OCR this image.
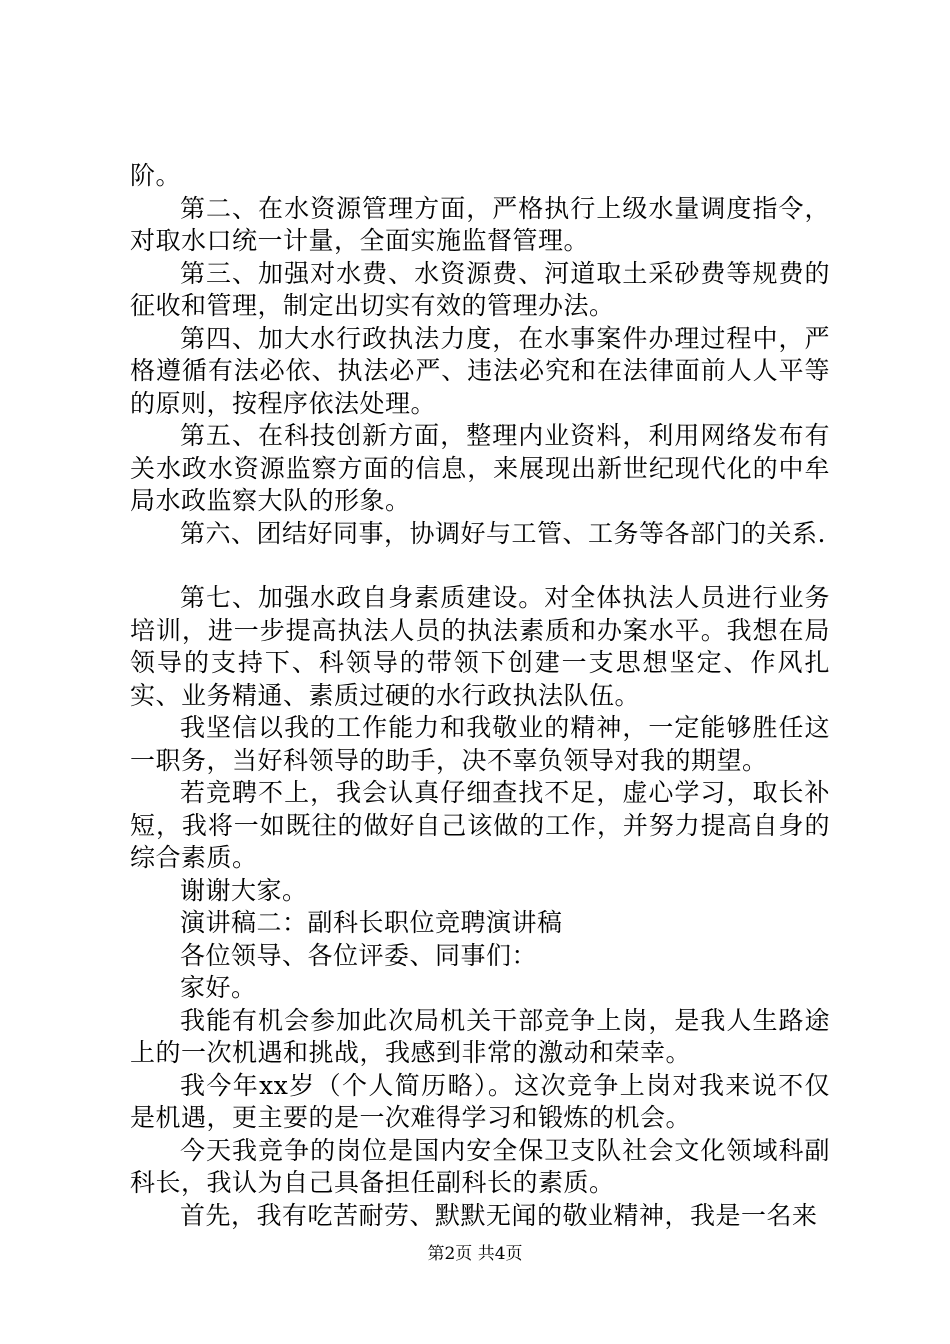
阶。

第二、在水资源管理方面，严格执行上级水量调度指令，对取水口统一计量，全面实施监督管理。

第三、加强对水费、水资源费、河道取土采砂费等规费的征收和管理，制定出切实有效的管理办法。

第四、加大水行政执法力度，在水事案件办理过程中，严格遵循有法必依、执法必严、违法必究和在法律面前人人平等的原则，按程序依法处理。

第五、在科技创新方面，整理内业资料，利用网络发布有关水政水资源监察方面的信息，来展现出新世纪现代化的中牟局水政监察大队的形象。

第六、团结好同事，协调好与工管、工务等各部门的关系.

第七、加强水政自身素质建设。对全体执法人员进行业务培训，进一步提高执法人员的执法素质和办案水平。我想在局领导的支持下、科领导的带领下创建一支思想坚定、作风扎实、业务精通、素质过硬的水行政执法队伍。

我坚信以我的工作能力和我敬业的精神，一定能够胜任这一职务，当好科领导的助手，决不辜负领导对我的期望。

若竞聘不上，我会认真仔细查找不足，虚心学习，取长补短，我将一如既往的做好自己该做的工作，并努力提高自身的综合素质。

谢谢大家。

演讲稿二：副科长职位竞聘演讲稿

各位领导、各位评委、同事们：

家好。

我能有机会参加此次局机关干部竞争上岗，是我人生路途上的一次机遇和挑战，我感到非常的激动和荣幸。

我今年xx岁（个人简历略）。这次竞争上岗对我来说不仅是机遇，更主要的是一次难得学习和锻炼的机会。

今天我竞争的岗位是国内安全保卫支队社会文化领域科副科长，我认为自己具备担任副科长的素质。

首先，我有吃苦耐劳、默默无闻的敬业精神，我是一名来

第2页 共4页
